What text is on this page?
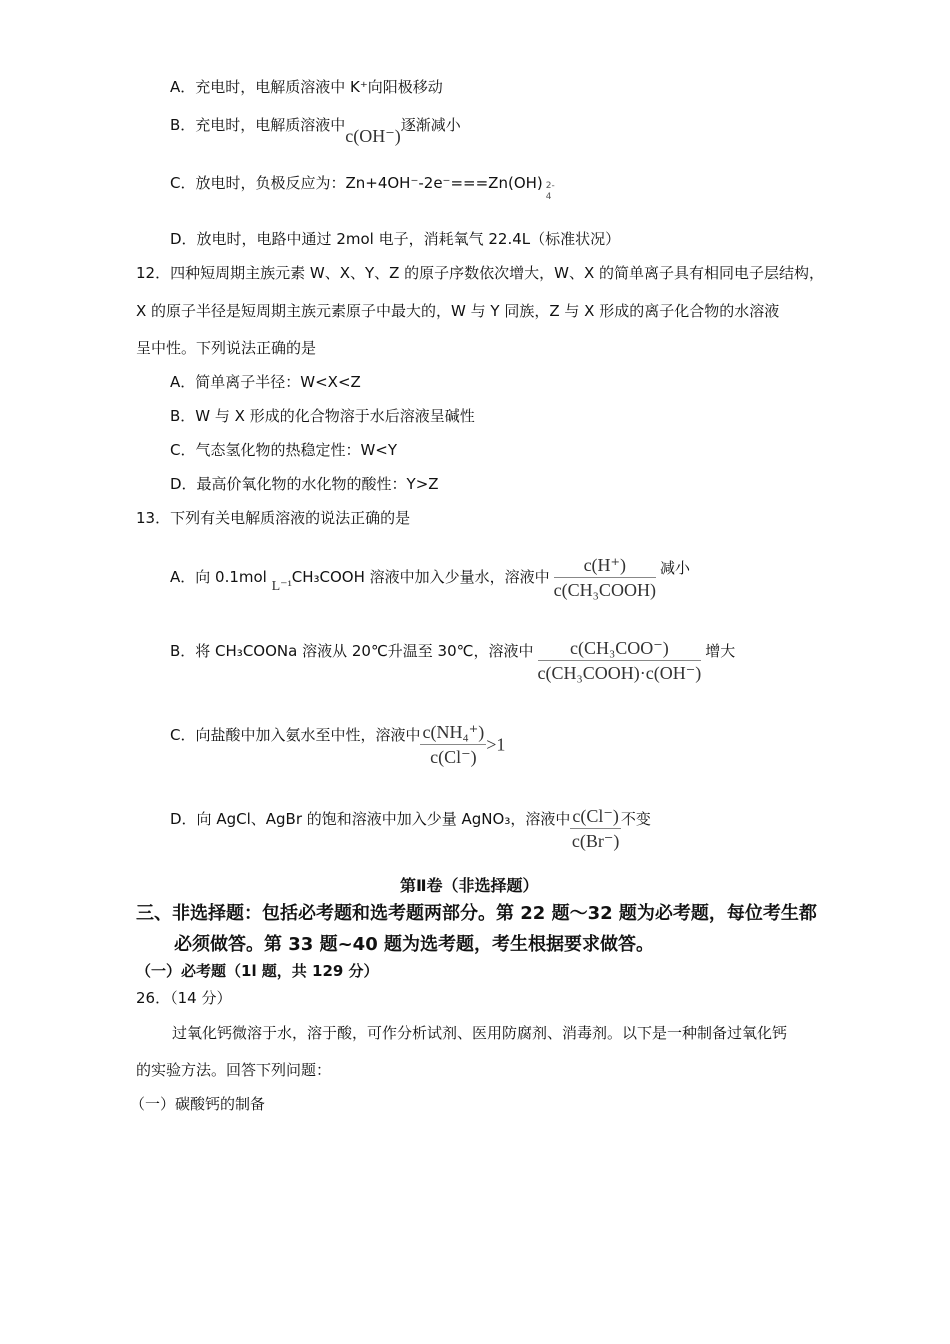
A．充电时，电解质溶液中 K⁺向阳极移动
B．充电时，电解质溶液中c(OH⁻)逐渐减小
C．放电时，负极反应为：Zn+4OH⁻-2e⁻===Zn(OH) 2-
4
D．放电时，电路中通过 2mol 电子，消耗氧气 22.4L（标准状况）
12．四种短周期主族元素 W、X、Y、Z 的原子序数依次增大，W、X 的简单离子具有相同电子层结构，
X 的原子半径是短周期主族元素原子中最大的，W 与 Y 同族，Z 与 X 形成的离子化合物的水溶液
呈中性。下列说法正确的是
A．简单离子半径：W<X<Z
B．W 与 X 形成的化合物溶于水后溶液呈碱性
C．气态氢化物的热稳定性：W<Y
D．最高价氧化物的水化物的酸性：Y>Z
13．下列有关电解质溶液的说法正确的是
A．向 0.1mol L⁻¹CH₃COOH 溶液中加入少量水，溶液中 $\frac{c(H^+)}{\text{c(CH₃COOH)}}$ 减小
B．将 CH₃COONa 溶液从 20℃升温至 30℃，溶液中 $\frac{\text{c(CH₃COO⁻)}}{\text{c(CH₃COOH)·c(OH⁻)}}$ 增大
C．向盐酸中加入氨水至中性，溶液中 $\frac{\text{c(NH₄⁺)}}{c(Cl^-)} >1$
D．向 AgCl、AgBr 的饱和溶液中加入少量 AgNO₃，溶液中 $\frac{c(Cl^-)}{c(Br^-)}$ 不变
第Ⅱ卷（非选择题）
三、非选择题：包括必考题和选考题两部分。第 22 题～32 题为必考题，每位考生都
必须做答。第 33 题~40 题为选考题，考生根据要求做答。
（一）必考题（1l 题，共 129 分）
26．（14 分）
过氧化钙微溶于水，溶于酸，可作分析试剂、医用防腐剂、消毒剂。以下是一种制备过氧化钙
的实验方法。回答下列问题：
（一）碳酸钙的制备
